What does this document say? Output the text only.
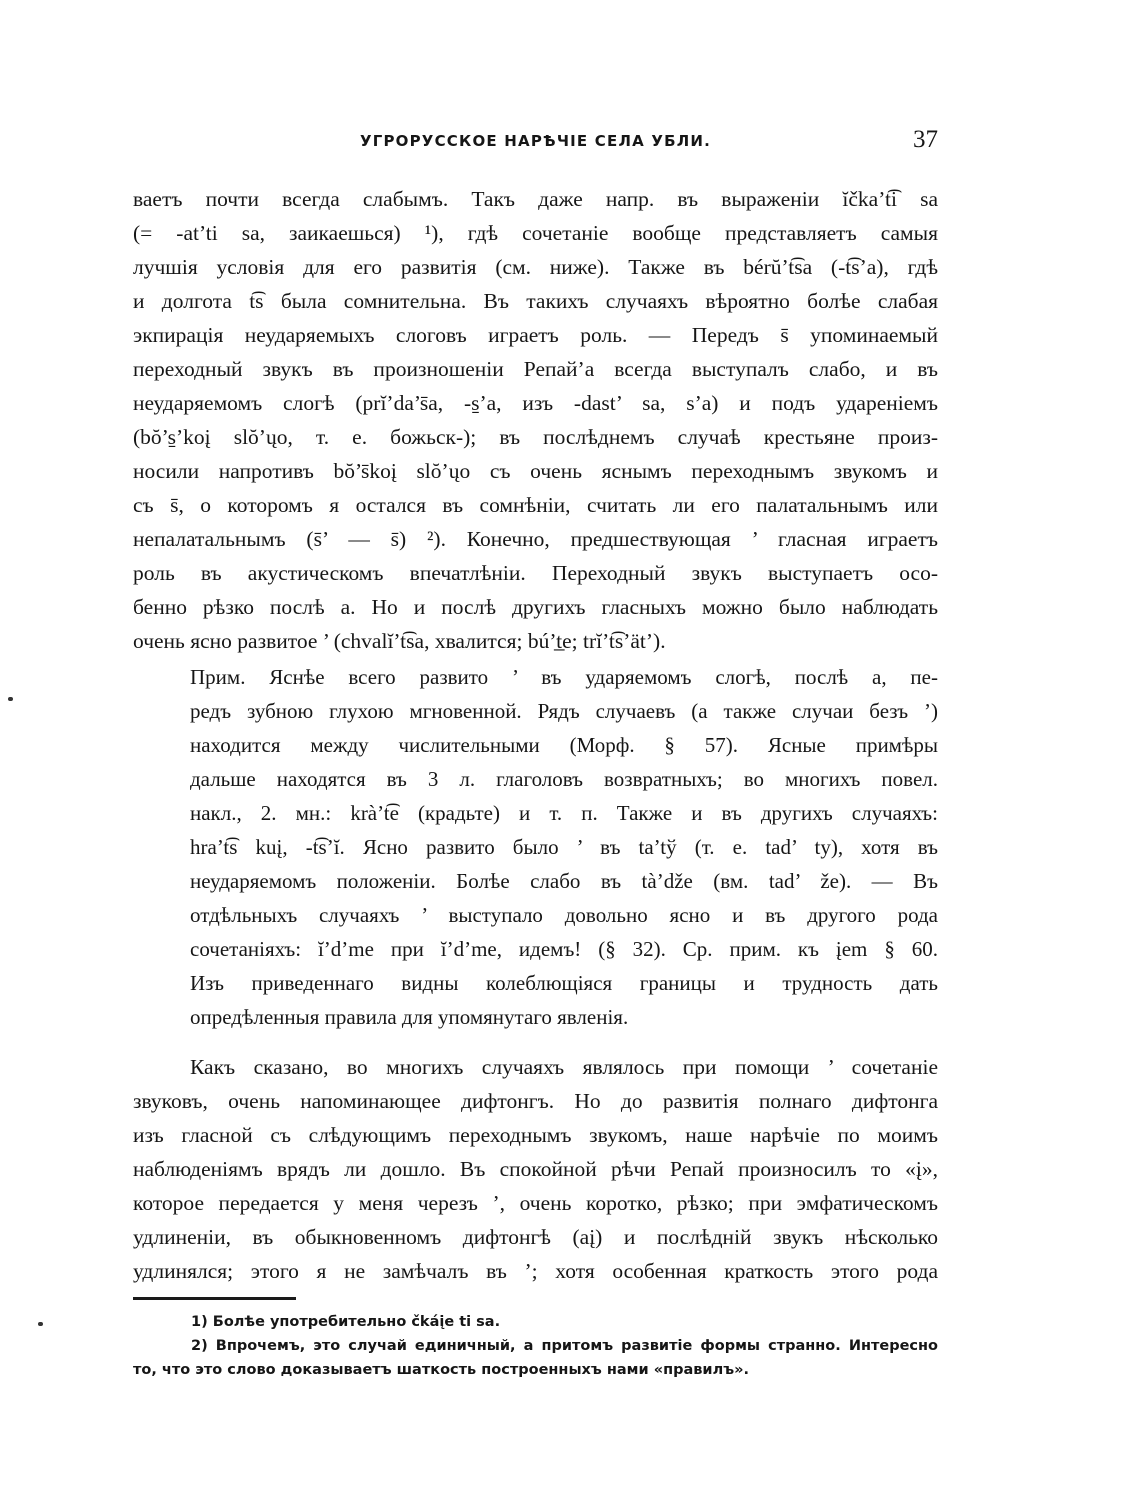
УГРОРУССКОЕ НАРѢЧІЕ СЕЛА УБЛИ.	37
ваетъ почти всегда слабымъ. Такъ даже напр. въ выраженіи ĭčka’t͡i sa
(= -at’ti sa, заикаешься) ¹), гдѣ сочетаніе вообще представляетъ самыя
лучшія условія для его развитія (см. ниже). Также въ bérŭ’t͡sa (-t͡s’a), гдѣ
и долгота t͡s была сомнительна. Въ такихъ случаяхъ вѣроятно болѣе слабая
экпирація неударяемыхъ слоговъ играетъ роль. — Передъ s̄ упоминаемый
переходный звукъ въ произношеніи Репай’а всегда выступалъ слабо, и въ
неударяемомъ слогѣ (prĭ’da’s̄a, -s̱’a, изъ -dast’ sa, s’a) и подъ удареніемъ
(bŏ’s̱’koį slŏ’ųo, т. е. божьск-); въ послѣднемъ случаѣ крестьяне произ-
носили напротивъ bŏ’s̄koį slŏ’ųo съ очень яснымъ переходнымъ звукомъ и
съ s̄, о которомъ я остался въ сомнѣніи, считать ли его палатальнымъ или
непалатальнымъ (s̄’ — s̄) ²). Конечно, предшествующая ’ гласная играетъ
роль въ акустическомъ впечатлѣніи. Переходный звукъ выступаетъ осо-
бенно рѣзко послѣ a. Но и послѣ другихъ гласныхъ можно было наблюдать
очень ясно развитое ’ (chvalĭ’t͡sa, хвалится; bú’t̲e; trĭ’t͡s’ät’).
Прим. Яснѣе всего развито ’ въ ударяемомъ слогѣ, послѣ a, пе-
редъ зубною глухою мгновенной. Рядъ случаевъ (а также случаи безъ ’)
находится между числительными (Морф. § 57). Ясные примѣры
дальше находятся въ 3 л. глаголовъ возвратныхъ; во многихъ повел.
накл., 2. мн.: krà’t͡e (крадьте) и т. п. Также и въ другихъ случаяхъ:
hra’t͡s kuį, -t͡s’ĭ. Ясно развито было ’ въ ta’tў (т. е. tad’ ty), хотя въ
неударяемомъ положеніи. Болѣе слабо въ tà’dže (вм. tad’ že). — Въ
отдѣльныхъ случаяхъ ’ выступало довольно ясно и въ другого рода
сочетаніяхъ: ĭ’d’me при ĭ’d’me, идемъ! (§ 32). Ср. прим. къ įem § 60.
Изъ приведеннаго видны колеблющіяся границы и трудность дать
опредѣленныя правила для упомянутаго явленія.
Какъ сказано, во многихъ случаяхъ являлось при помощи ’ сочетаніе
звуковъ, очень напоминающее дифтонгъ. Но до развитія полнаго дифтонга
изъ гласной съ слѣдующимъ переходнымъ звукомъ, наше нарѣчіе по моимъ
наблюденіямъ врядъ ли дошло. Въ спокойной рѣчи Репай произносилъ то «į»,
которое передается у меня черезъ ’, очень коротко, рѣзко; при эмфатическомъ
удлиненіи, въ обыкновенномъ дифтонгѣ (aį) и послѣдній звукъ нѣсколько
удлинялся; этого я не замѣчалъ въ ’; хотя особенная краткость этого рода
1) Болѣе употребительно čkáįe ti sa.
2) Впрочемъ, это случай единичный, а притомъ развитіе формы странно. Интересно
то, что это слово доказываетъ шаткость построенныхъ нами «правилъ».
